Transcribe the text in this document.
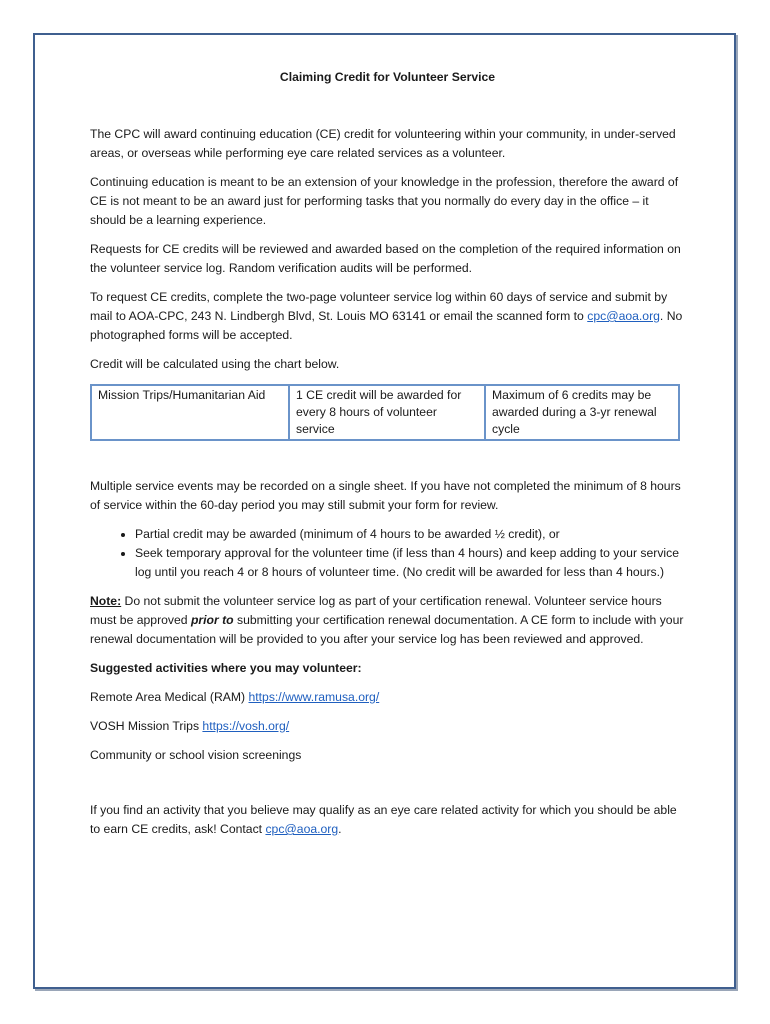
Claiming Credit for Volunteer Service

The CPC will award continuing education (CE) credit for volunteering within your community, in under-served areas, or overseas while performing eye care related services as a volunteer.

Continuing education is meant to be an extension of your knowledge in the profession, therefore the award of CE is not meant to be an award just for performing tasks that you normally do every day in the office – it should be a learning experience.

Requests for CE credits will be reviewed and awarded based on the completion of the required information on the volunteer service log. Random verification audits will be performed.

To request CE credits, complete the two-page volunteer service log within 60 days of service and submit by mail to AOA-CPC, 243 N. Lindbergh Blvd, St. Louis MO 63141 or email the scanned form to cpc@aoa.org. No photographed forms will be accepted.

Credit will be calculated using the chart below.

Mission Trips/Humanitarian Aid	1 CE credit will be awarded for every 8 hours of volunteer service	Maximum of 6 credits may be awarded during a 3-yr renewal cycle

Multiple service events may be recorded on a single sheet. If you have not completed the minimum of 8 hours of service within the 60-day period you may still submit your form for review.

• Partial credit may be awarded (minimum of 4 hours to be awarded ½ credit), or
• Seek temporary approval for the volunteer time (if less than 4 hours) and keep adding to your service log until you reach 4 or 8 hours of volunteer time. (No credit will be awarded for less than 4 hours.)

Note: Do not submit the volunteer service log as part of your certification renewal. Volunteer service hours must be approved prior to submitting your certification renewal documentation. A CE form to include with your renewal documentation will be provided to you after your service log has been reviewed and approved.

Suggested activities where you may volunteer:

Remote Area Medical (RAM) https://www.ramusa.org/

VOSH Mission Trips https://vosh.org/

Community or school vision screenings

If you find an activity that you believe may qualify as an eye care related activity for which you should be able to earn CE credits, ask! Contact cpc@aoa.org.
